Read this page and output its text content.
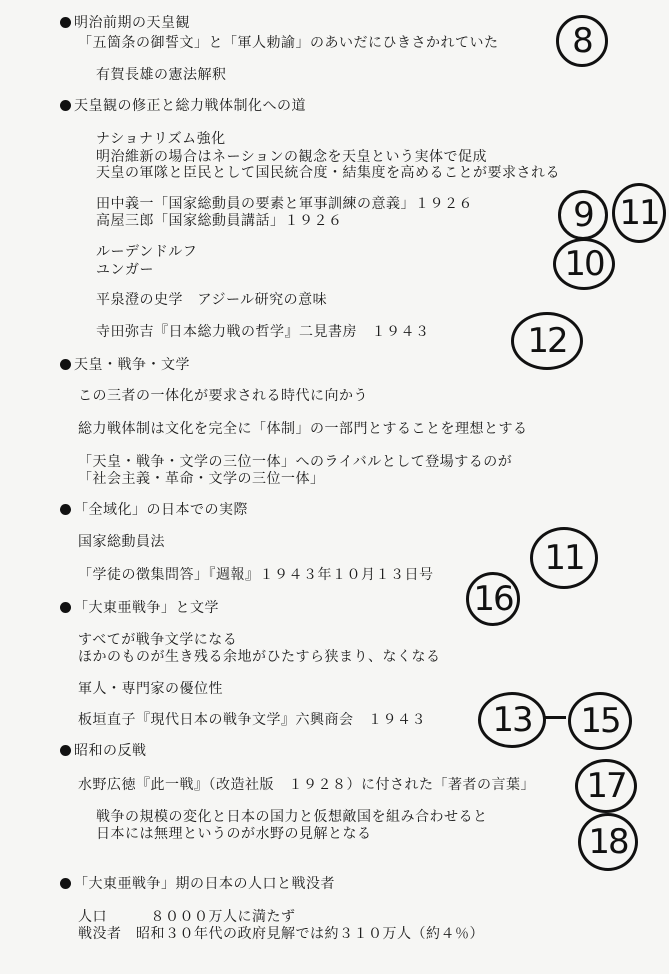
明治前期の天皇観
「五箇条の御誓文」と「軍人勅諭」のあいだにひきさかれていた
有賀長雄の憲法解釈
天皇観の修正と総力戦体制化への道
ナショナリズム強化
明治維新の場合はネーションの観念を天皇という実体で促成
天皇の軍隊と臣民として国民統合度・結集度を高めることが要求される
田中義一「国家総動員の要素と軍事訓練の意義」１９２６
高屋三郎「国家総動員講話」１９２６
ルーデンドルフ
ユンガー
平泉澄の史学　アジール研究の意味
寺田弥吉『日本総力戦の哲学』二見書房　１９４３
天皇・戦争・文学
この三者の一体化が要求される時代に向かう
総力戦体制は文化を完全に「体制」の一部門とすることを理想とする
「天皇・戦争・文学の三位一体」へのライバルとして登場するのが
「社会主義・革命・文学の三位一体」
「全域化」の日本での実際
国家総動員法
「学徒の徴集問答」『週報』１９４３年１０月１３日号
「大東亜戦争」と文学
すべてが戦争文学になる
ほかのものが生き残る余地がひたすら狭まり、なくなる
軍人・専門家の優位性
板垣直子『現代日本の戦争文学』六興商会　１９４３
昭和の反戦
水野広徳『此一戦』（改造社版　１９２８）に付された「著者の言葉」
戦争の規模の変化と日本の国力と仮想敵国を組み合わせると
日本には無理というのが水野の見解となる
「大東亜戦争」期の日本の人口と戦没者
人口　　　８０００万人に満たず
戦没者　昭和３０年代の政府見解では約３１０万人（約４％）
8
9 11
10
12
11
16
13	15
17
18
